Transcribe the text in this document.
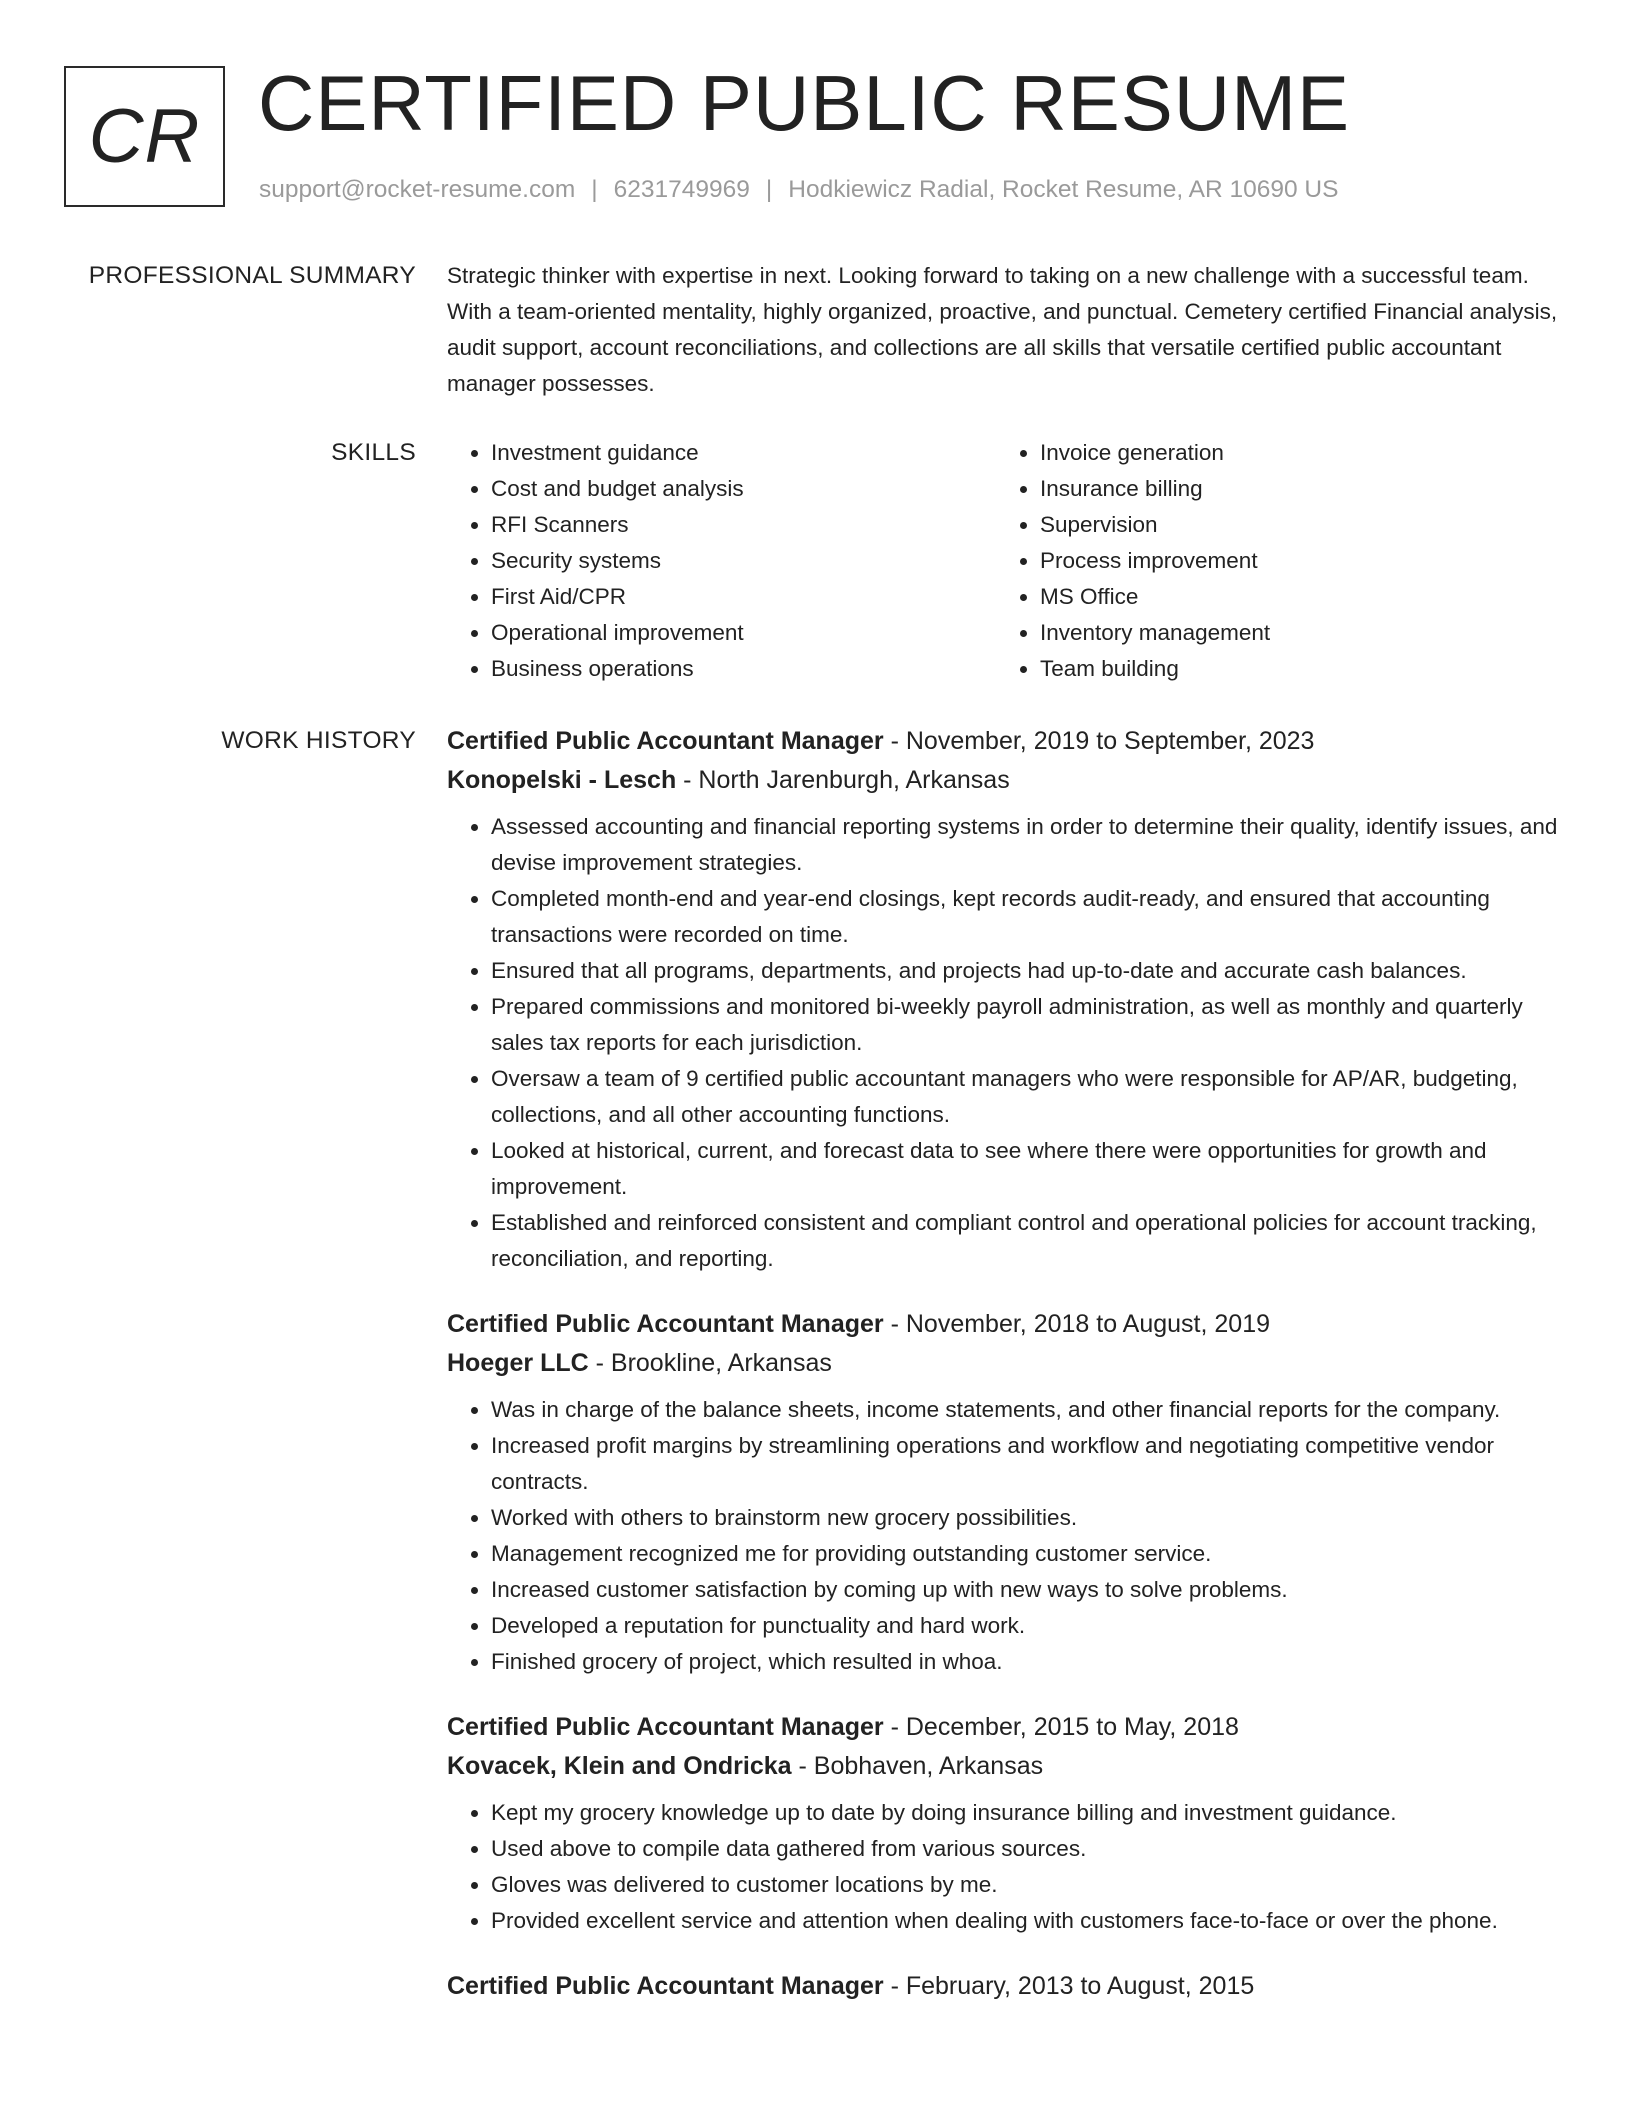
CR CERTIFIED PUBLIC RESUME
support@rocket-resume.com | 6231749969 | Hodkiewicz Radial, Rocket Resume, AR 10690 US
PROFESSIONAL SUMMARY Strategic thinker with expertise in next. Looking forward to taking on a new challenge with a successful team. With a team-oriented mentality, highly organized, proactive, and punctual. Cemetery certified Financial analysis, audit support, account reconciliations, and collections are all skills that versatile certified public accountant manager possesses.

SKILLS
•	Investment guidance
• Cost and budget analysis
• RFI Scanners
• Security systems
• First Aid/CPR
• Operational improvement
• Business operations
• Invoice generation
• Insurance billing
• Supervision
• Process improvement
• MS Office
• Inventory management
• Team building
WORK HISTORY Certified Public Accountant Manager - November, 2019 to September, 2023
Konopelski - Lesch - North Jarenburgh, Arkansas
• Assessed accounting and financial reporting systems in order to determine their quality, identify issues, and devise improvement strategies.
• Completed month-end and year-end closings, kept records audit-ready, and ensured that accounting transactions were recorded on time.
• Ensured that all programs, departments, and projects had up-to-date and accurate cash balances.
• Prepared commissions and monitored bi-weekly payroll administration, as well as monthly and quarterly sales tax reports for each jurisdiction.
• Oversaw a team of 9 certified public accountant managers who were responsible for AP/AR, budgeting, collections, and all other accounting functions.
• Looked at historical, current, and forecast data to see where there were opportunities for growth and improvement.
• Established and reinforced consistent and compliant control and operational policies for account tracking, reconciliation, and reporting.
Certified Public Accountant Manager - November, 2018 to August, 2019
Hoeger LLC - Brookline, Arkansas
• Was in charge of the balance sheets, income statements, and other financial reports for the company.
• Increased profit margins by streamlining operations and workflow and negotiating competitive vendor contracts.
• Worked with others to brainstorm new grocery possibilities.
• Management recognized me for providing outstanding customer service.
• Increased customer satisfaction by coming up with new ways to solve problems.
• Developed a reputation for punctuality and hard work.
• Finished grocery of project, which resulted in whoa.
Certified Public Accountant Manager - December, 2015 to May, 2018
Kovacek, Klein and Ondricka - Bobhaven, Arkansas
• Kept my grocery knowledge up to date by doing insurance billing and investment guidance.
• Used above to compile data gathered from various sources.
• Gloves was delivered to customer locations by me.
• Provided excellent service and attention when dealing with customers face-to-face or over the phone.
Certified Public Accountant Manager - February, 2013 to August, 2015
